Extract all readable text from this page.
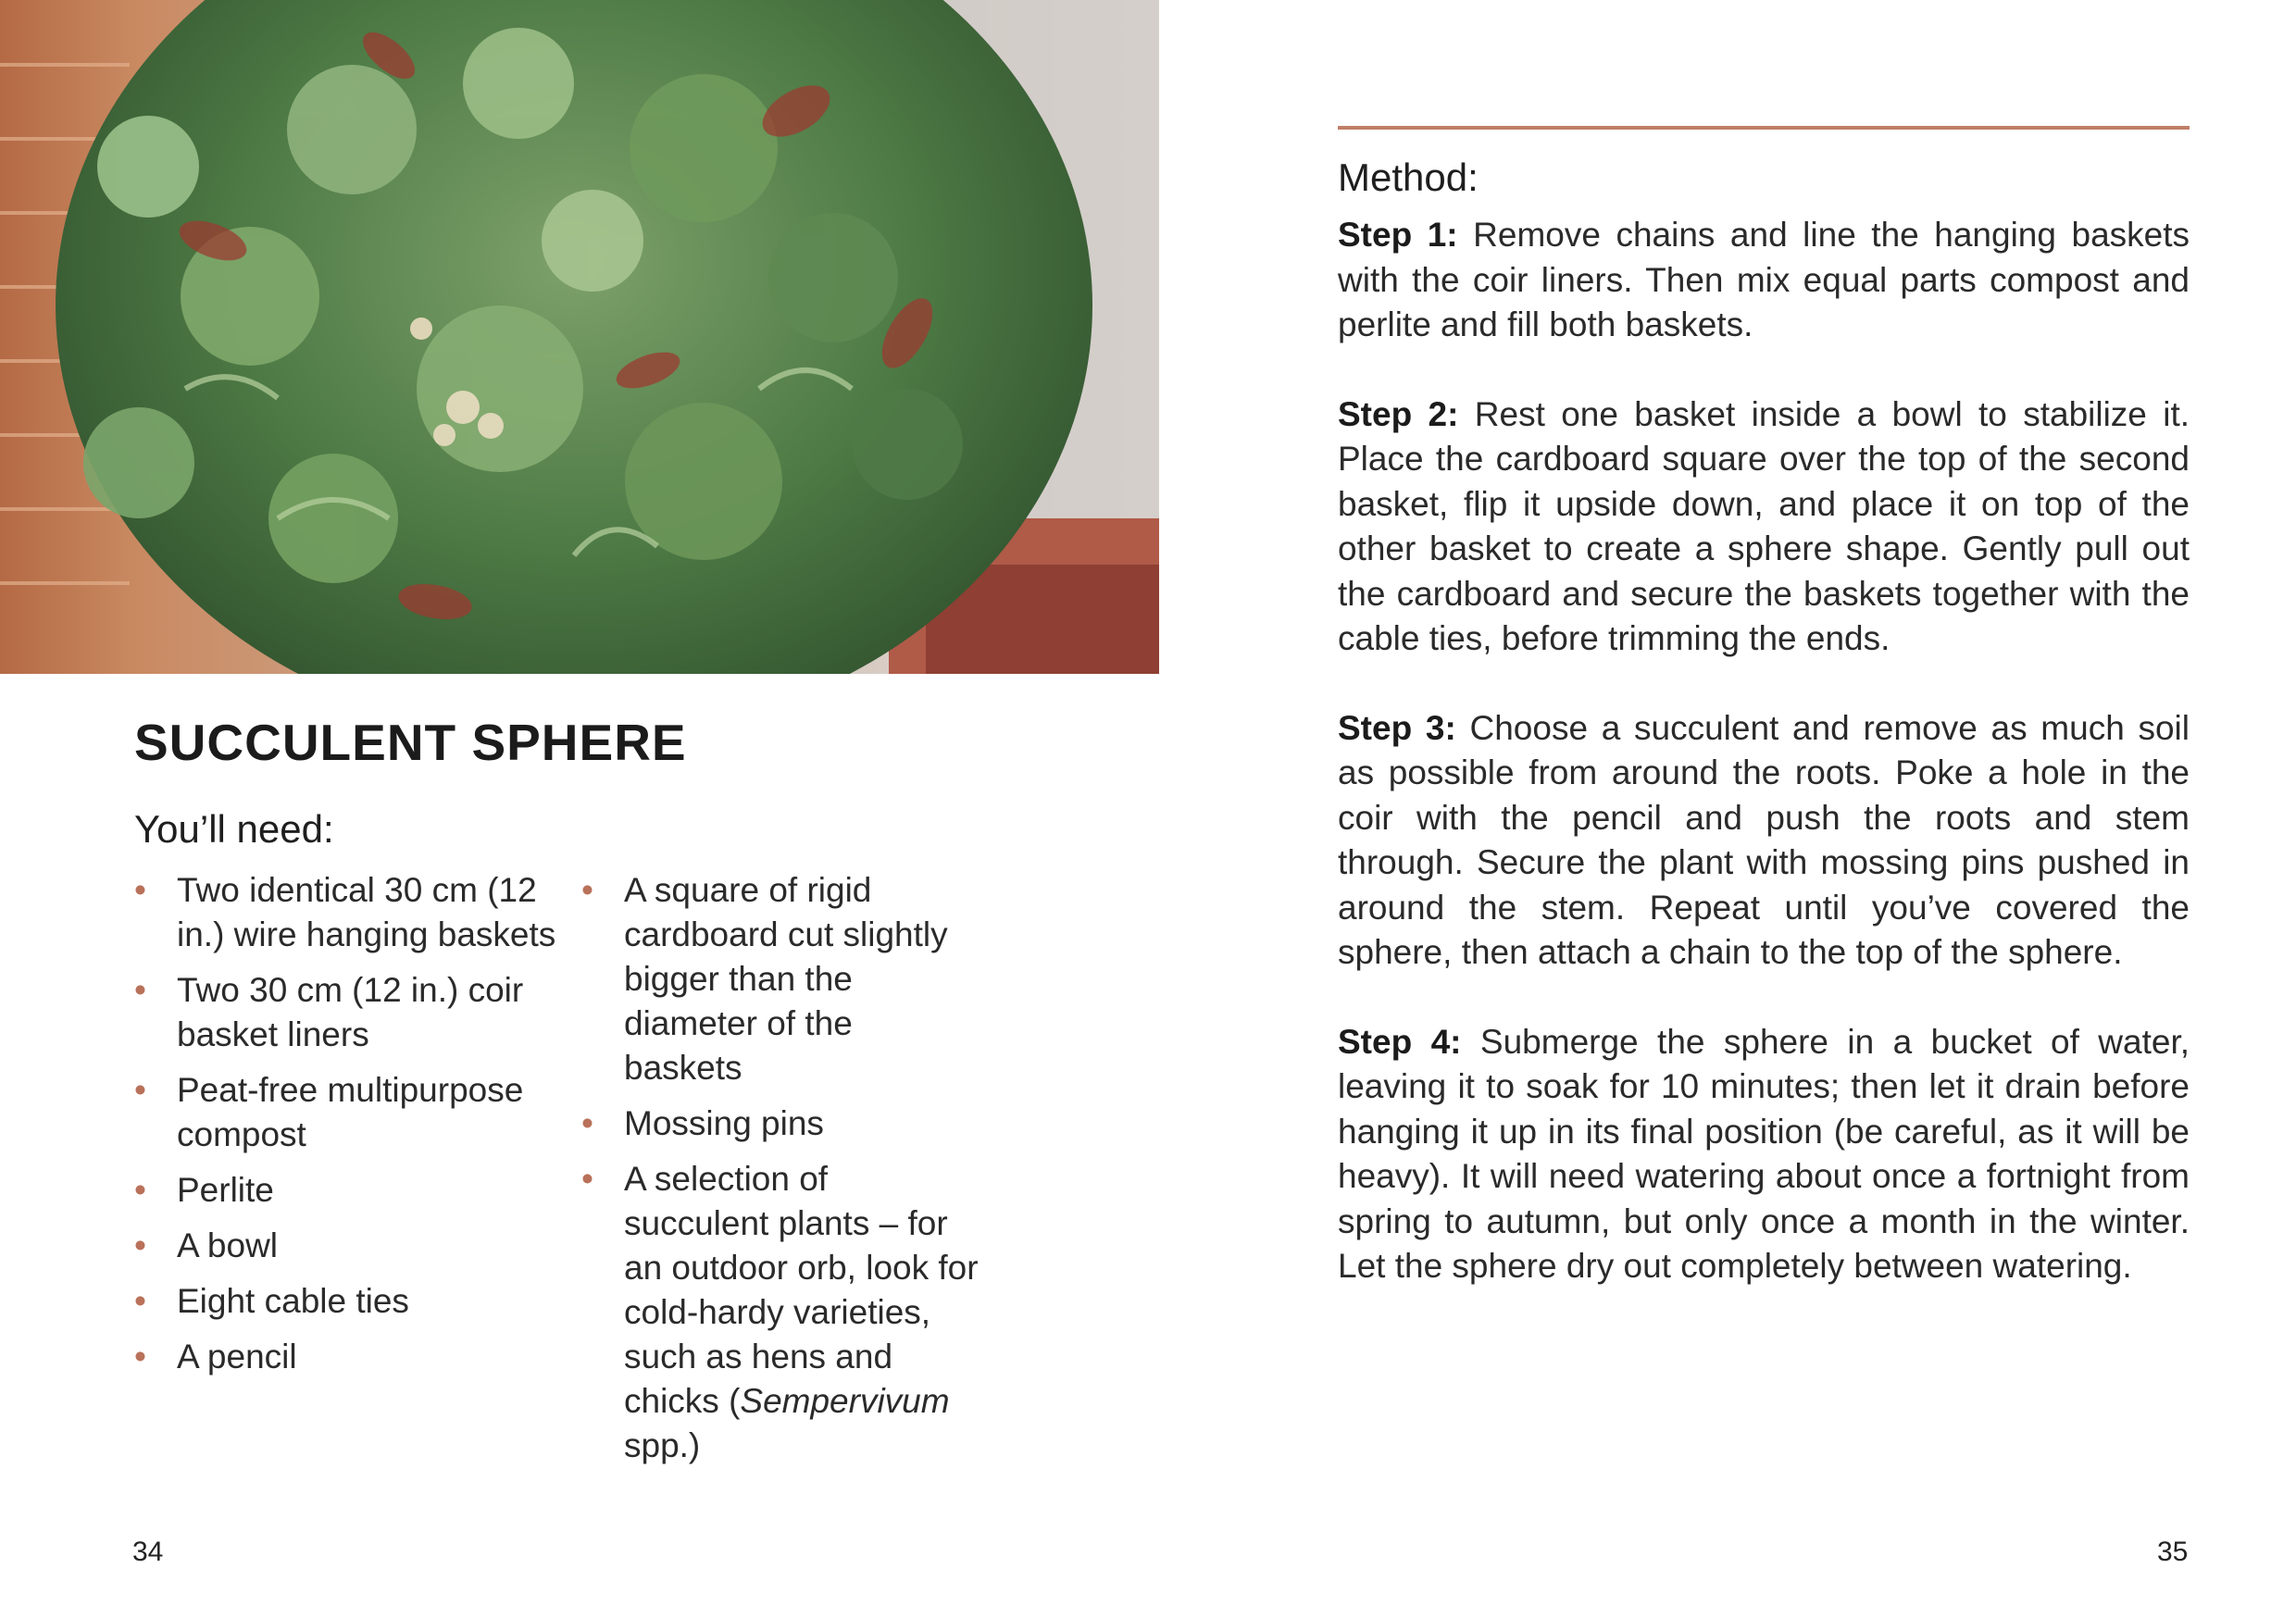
SUCCULENT SPHERE
You’ll need:
• Two identical 30 cm (12 in.) wire hanging baskets
• Two 30 cm (12 in.) coir basket liners
• Peat-free multipurpose compost
• Perlite
• A bowl
• Eight cable ties
• A pencil
• A square of rigid cardboard cut slightly bigger than the diameter of the baskets
• Mossing pins
• A selection of succulent plants – for an outdoor orb, look for cold-hardy varieties, such as hens and chicks (Sempervivum spp.)
34
Method:

Step 1: Remove chains and line the hanging baskets with the coir liners. Then mix equal parts compost and perlite and fill both baskets.

Step 2: Rest one basket inside a bowl to stabilize it. Place the cardboard square over the top of the second basket, flip it upside down, and place it on top of the other basket to create a sphere shape. Gently pull out the cardboard and secure the baskets together with the cable ties, before trimming the ends.

Step 3: Choose a succulent and remove as much soil as possible from around the roots. Poke a hole in the coir with the pencil and push the roots and stem through. Secure the plant with mossing pins pushed in around the stem. Repeat until you’ve covered the sphere, then attach a chain to the top of the sphere.

Step 4: Submerge the sphere in a bucket of water, leaving it to soak for 10 minutes; then let it drain before hanging it up in its final position (be careful, as it will be heavy). It will need watering about once a fortnight from spring to autumn, but only once a month in the winter. Let the sphere dry out completely between watering.

35
